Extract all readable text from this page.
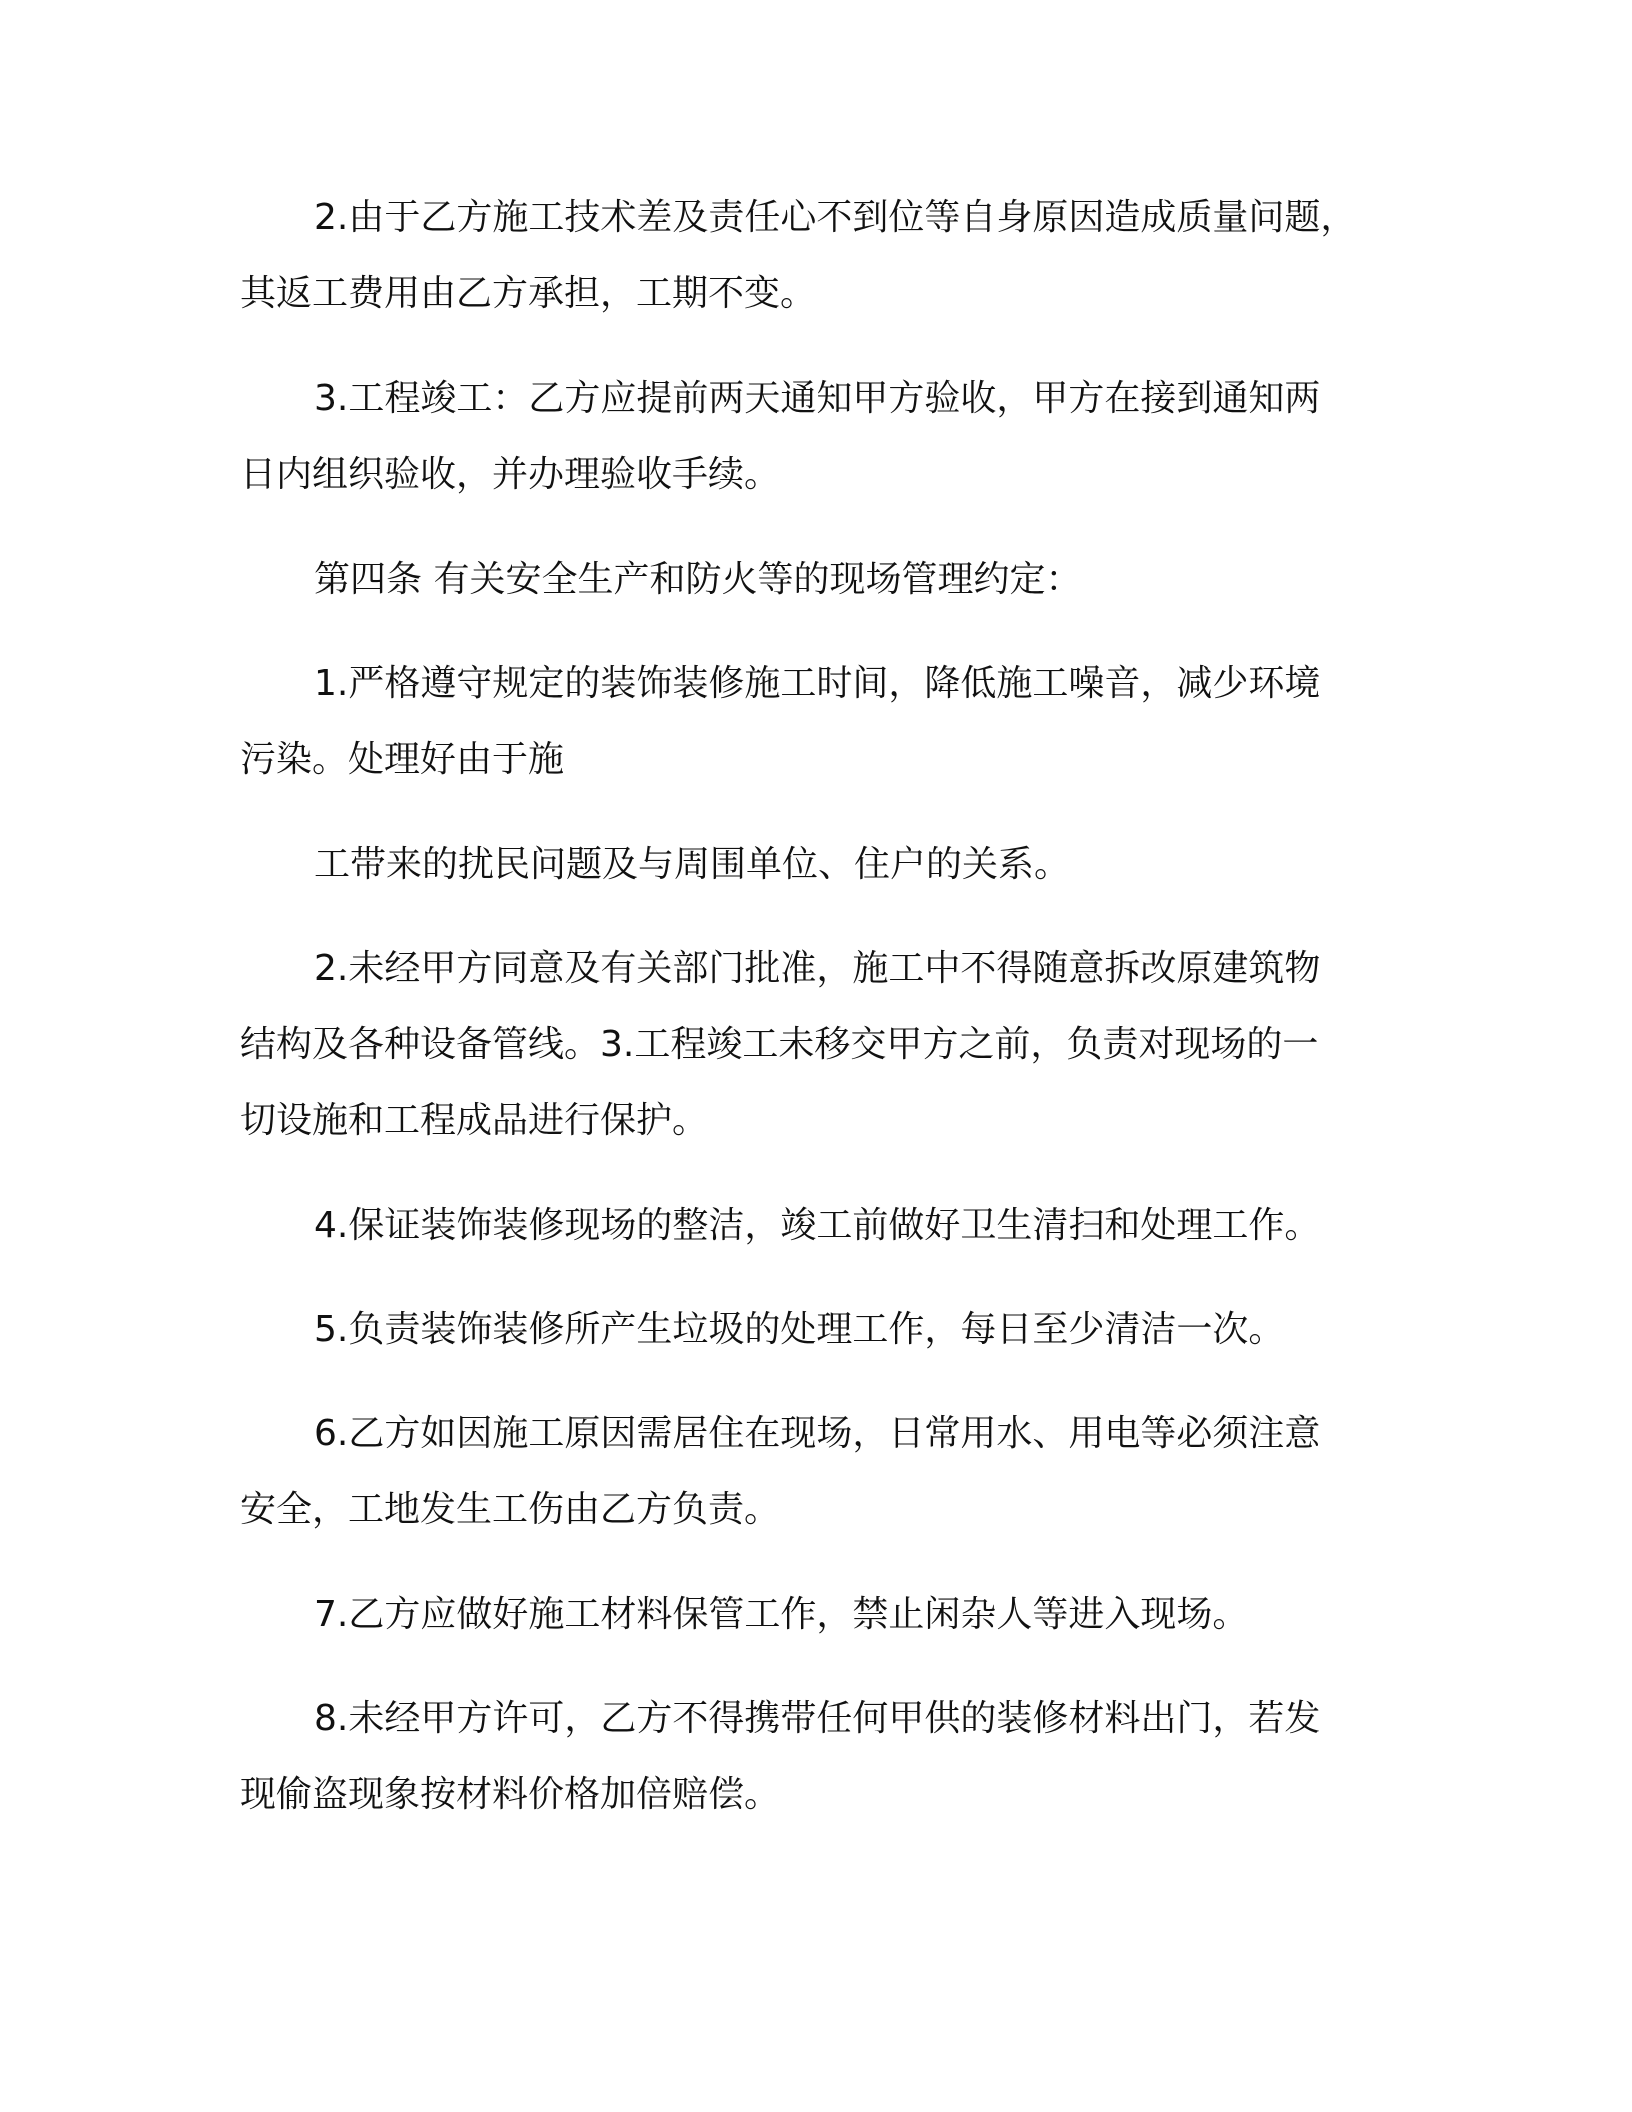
2.由于乙方施工技术差及责任心不到位等自身原因造成质量问题，
其返工费用由乙方承担，工期不变。
3.工程竣工：乙方应提前两天通知甲方验收，甲方在接到通知两
日内组织验收，并办理验收手续。
第四条 有关安全生产和防火等的现场管理约定：
1.严格遵守规定的装饰装修施工时间，降低施工噪音，减少环境
污染。处理好由于施
工带来的扰民问题及与周围单位、住户的关系。
2.未经甲方同意及有关部门批准，施工中不得随意拆改原建筑物
结构及各种设备管线。3.工程竣工未移交甲方之前，负责对现场的一
切设施和工程成品进行保护。
4.保证装饰装修现场的整洁，竣工前做好卫生清扫和处理工作。
5.负责装饰装修所产生垃圾的处理工作，每日至少清洁一次。
6.乙方如因施工原因需居住在现场，日常用水、用电等必须注意
安全，工地发生工伤由乙方负责。
7.乙方应做好施工材料保管工作，禁止闲杂人等进入现场。
8.未经甲方许可，乙方不得携带任何甲供的装修材料出门，若发
现偷盗现象按材料价格加倍赔偿。
